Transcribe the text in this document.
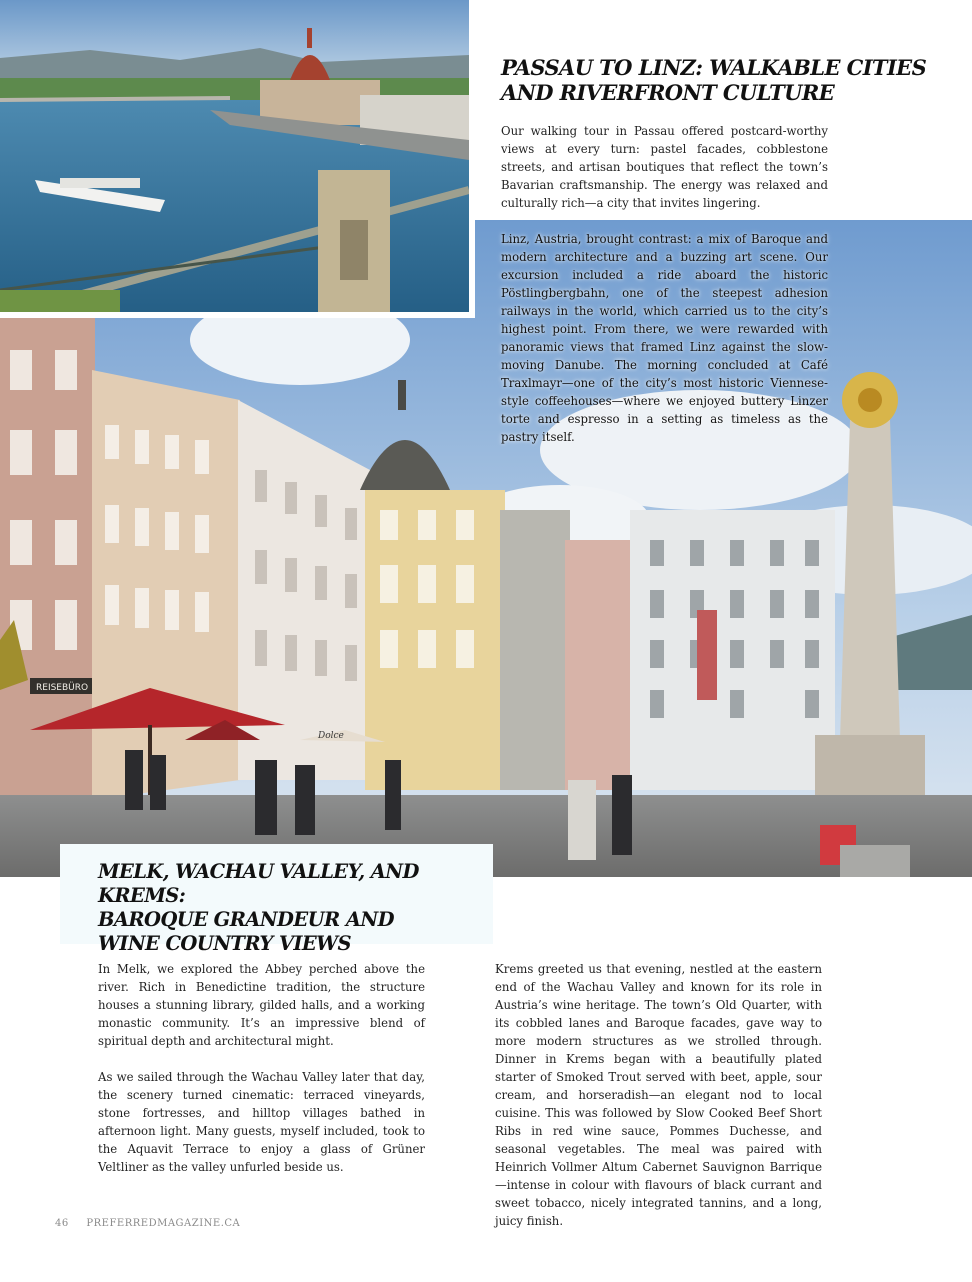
REISEBÜRO
Dolce
PASSAU TO LINZ: WALKABLE CITIES
AND RIVERFRONT CULTURE

Our walking tour in Passau offered postcard-worthy views at every turn: pastel facades, cobblestone streets, and artisan boutiques that reflect the town’s Bavarian craftsmanship. The energy was relaxed and culturally rich—a city that invites lingering.

Linz, Austria, brought contrast: a mix of Baroque and modern architecture and a buzzing art scene. Our excursion included a ride aboard the historic Pöstlingbergbahn, one of the steepest adhesion railways in the world, which carried us to the city’s highest point. From there, we were rewarded with panoramic views that framed Linz against the slow-moving Danube. The morning concluded at Café Traxlmayr—one of the city’s most historic Viennese-style coffeehouses—where we enjoyed buttery Linzer torte and espresso in a setting as timeless as the pastry itself.

MELK, WACHAU VALLEY, AND KREMS:
BAROQUE GRANDEUR AND
WINE COUNTRY VIEWS

In Melk, we explored the Abbey perched above the river. Rich in Benedictine tradition, the structure houses a stunning library, gilded halls, and a working monastic community. It’s an impressive blend of spiritual depth and architectural might.

As we sailed through the Wachau Valley later that day, the scenery turned cinematic: terraced vineyards, stone fortresses, and hilltop villages bathed in afternoon light. Many guests, myself included, took to the Aquavit Terrace to enjoy a glass of Grüner Veltliner as the valley unfurled beside us.

Krems greeted us that evening, nestled at the eastern end of the Wachau Valley and known for its role in Austria’s wine heritage. The town’s Old Quarter, with its cobbled lanes and Baroque facades, gave way to more modern structures as we strolled through. Dinner in Krems began with a beautifully plated starter of Smoked Trout served with beet, apple, sour cream, and horseradish—an elegant nod to local cuisine. This was followed by Slow Cooked Beef Short Ribs in red wine sauce, Pommes Duchesse, and seasonal vegetables. The meal was paired with Heinrich Vollmer Altum Cabernet Sauvignon Barrique—intense in colour with flavours of black currant and sweet tobacco, nicely integrated tannins, and a long, juicy finish.

46 PREFERREDMAGAZINE.CA
